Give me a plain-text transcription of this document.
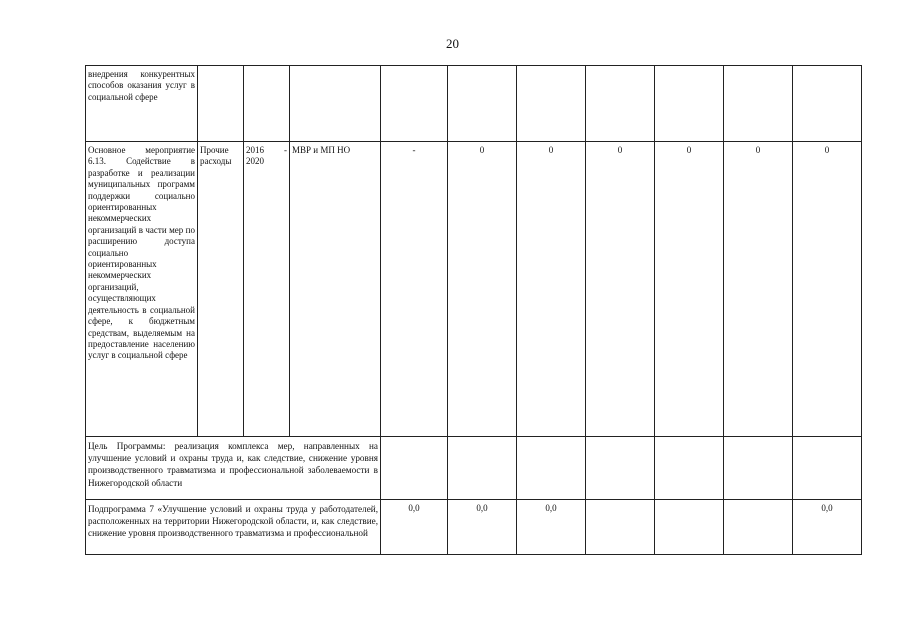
20
внедрения конкурентных способов оказания услуг в социальной сфере										
Основное мероприятие 6.13. Содействие в разработке и реализации муниципальных программ поддержки социально ориентированных некоммерческих организаций в части мер по расширению доступа социально ориентированных некоммерческих организаций, осуществляющих деятельность в социальной сфере, к бюджетным средствам, выделяемым на предоставление населению услуг в социальной сфере	Прочие расходы	2016 - 2020	МВР и МП НО	-	0	0	0	0	0	0
Цель Программы: реализация комплекса мер, направленных на улучшение условий и охраны труда и, как следствие, снижение уровня производственного травматизма и профессиональной заболеваемости в Нижегородской области										
Подпрограмма 7 «Улучшение условий и охраны труда у работодателей, расположенных на территории Нижегородской области, и, как следствие, снижение уровня производственного травматизма и профессиональной				0,0	0,0	0,0				0,0
